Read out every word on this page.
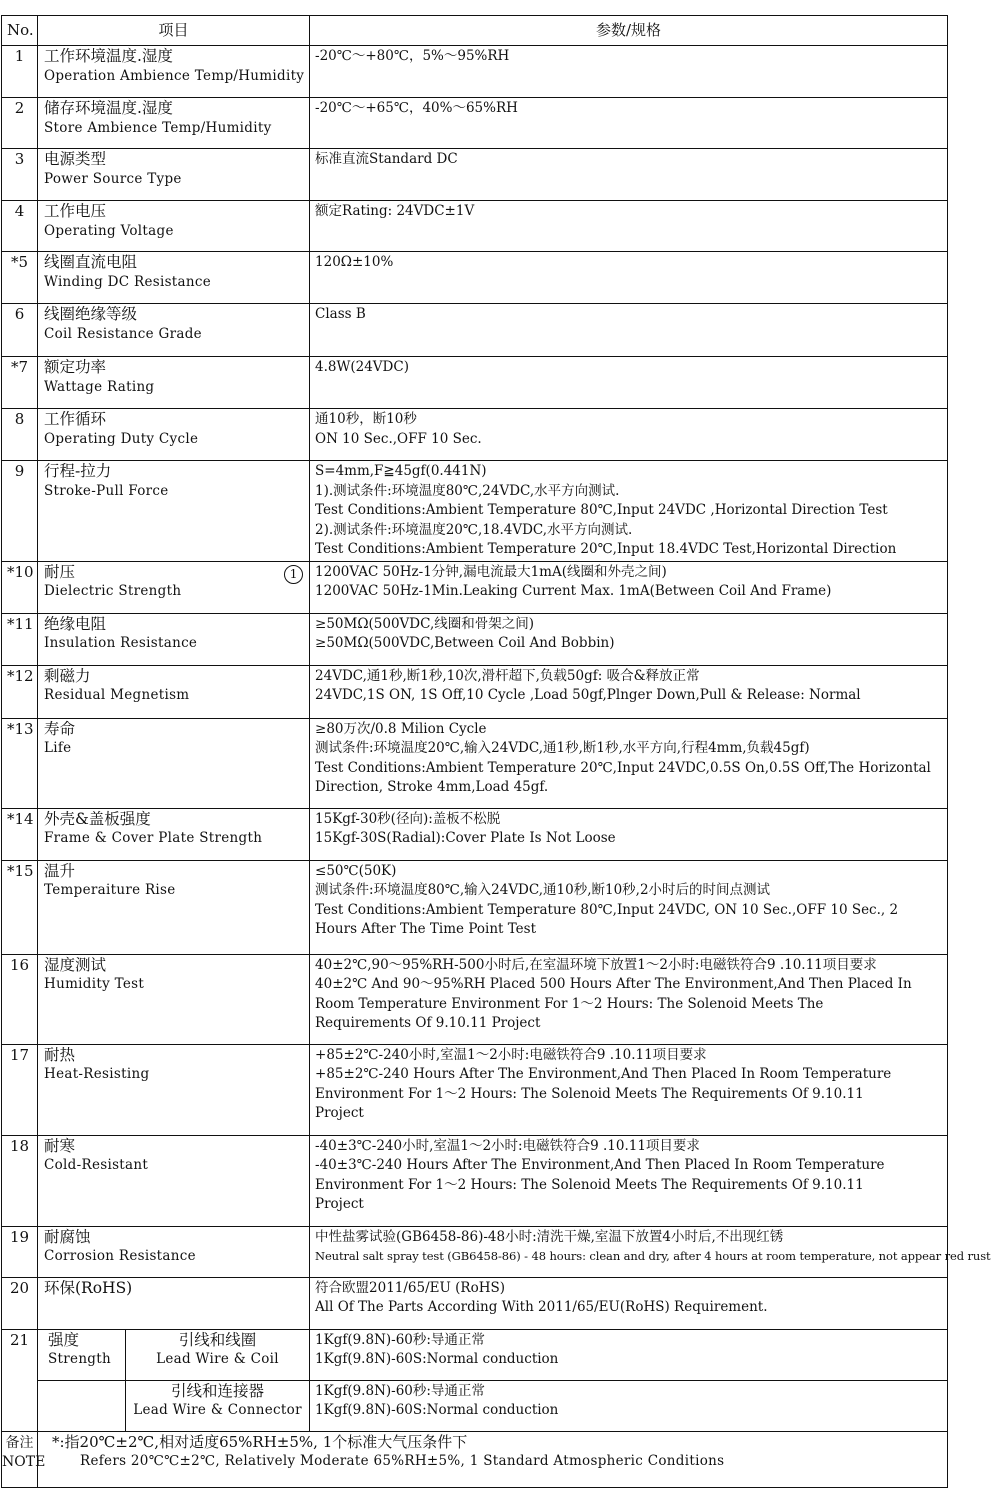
No.	项目		参数/规格
1	工作环境温度.湿度
Operation Ambience Temp/Humidity		-20℃～+80℃，5%～95%RH

2	储存环境温度.湿度
Store Ambience Temp/Humidity		-20℃～+65℃，40%～65%RH

3	电源类型
Power Source Type		标准直流Standard DC

4	工作电压
Operating Voltage		额定Rating: 24VDC±1V

*5	线圈直流电阻
Winding DC Resistance		120Ω±10%

6	线圈绝缘等级
Coil Resistance Grade		Class B

*7	额定功率
Wattage Rating		4.8W(24VDC)

8	工作循环
Operating Duty Cycle		通10秒，断10秒
ON 10 Sec.,OFF 10 Sec.

9	行程-拉力
Stroke-Pull Force		S=4mm,F≧45gf(0.441N)
1).测试条件:环境温度80℃,24VDC,水平方向测试.
Test Conditions:Ambient Temperature 80℃,Input 24VDC ,Horizontal Direction Test
2).测试条件:环境温度20℃,18.4VDC,水平方向测试.
Test Conditions:Ambient Temperature 20℃,Input 18.4VDC Test,Horizontal Direction

*10	耐压
Dielectric Strength
1		1200VAC 50Hz-1分钟,漏电流最大1mA(线圈和外壳之间)
1200VAC 50Hz-1Min.Leaking Current Max. 1mA(Between Coil And Frame)

*11	绝缘电阻
Insulation Resistance		≥50MΩ(500VDC,线圈和骨架之间)
≥50MΩ(500VDC,Between Coil And Bobbin)

*12	剩磁力
Residual Megnetism		24VDC,通1秒,断1秒,10次,滑杆超下,负载50gf: 吸合&释放正常
24VDC,1S ON, 1S Off,10 Cycle ,Load 50gf,Plnger Down,Pull & Release: Normal

*13	寿命
Life		≥80万次/0.8 Milion Cycle
测试条件:环境温度20℃,输入24VDC,通1秒,断1秒,水平方向,行程4mm,负载45gf)
Test Conditions:Ambient Temperature 20℃,Input 24VDC,0.5S On,0.5S Off,The Horizontal
Direction, Stroke 4mm,Load 45gf.

*14	外壳&盖板强度
Frame & Cover Plate Strength		15Kgf-30秒(径向):盖板不松脱
15Kgf-30S(Radial):Cover Plate Is Not Loose

*15	温升
Temperaiture Rise		≤50℃(50K)
测试条件:环境温度80℃,输入24VDC,通10秒,断10秒,2小时后的时间点测试
Test Conditions:Ambient Temperature 80℃,Input 24VDC, ON 10 Sec.,OFF 10 Sec., 2
Hours After The Time Point Test

16	湿度测试
Humidity Test		40±2℃,90～95%RH-500小时后,在室温环境下放置1～2小时:电磁铁符合9 .10.11项目要求
40±2℃ And 90～95%RH Placed 500 Hours After The Environment,And Then Placed In
Room Temperature Environment For 1～2 Hours: The Solenoid Meets The
Requirements Of 9.10.11 Project

17	耐热
Heat-Resisting		+85±2℃-240小时,室温1～2小时:电磁铁符合9 .10.11项目要求
+85±2℃-240 Hours After The Environment,And Then Placed In Room Temperature
Environment For 1～2 Hours: The Solenoid Meets The Requirements Of 9.10.11
Project

18	耐寒
Cold-Resistant		-40±3℃-240小时,室温1～2小时:电磁铁符合9 .10.11项目要求
-40±3℃-240 Hours After The Environment,And Then Placed In Room Temperature
Environment For 1～2 Hours: The Solenoid Meets The Requirements Of 9.10.11
Project

19	耐腐蚀
Corrosion Resistance		中性盐雾试验(GB6458-86)-48小时:清洗干燥,室温下放置4小时后,不出现红锈
Neutral salt spray test (GB6458-86) - 48 hours: clean and dry, after 4 hours at room temperature, not appear red rust

20	环保(RoHS)		符合欧盟2011/65/EU (RoHS)
All Of The Parts According With 2011/65/EU(RoHS) Requirement.

21	强度
Strength	引线和线圈
Lead Wire & Coil	1Kgf(9.8N)-60秒:导通正常
1Kgf(9.8N)-60S:Normal conduction

		引线和连接器
Lead Wire & Connector	1Kgf(9.8N)-60秒:导通正常
1Kgf(9.8N)-60S:Normal conduction

备注
NOTE	*:指20℃±2℃,相对适度65%RH±5%, 1个标准大气压条件下
Refers 20℃℃±2℃, Relatively Moderate 65%RH±5%, 1 Standard Atmospheric Conditions		
